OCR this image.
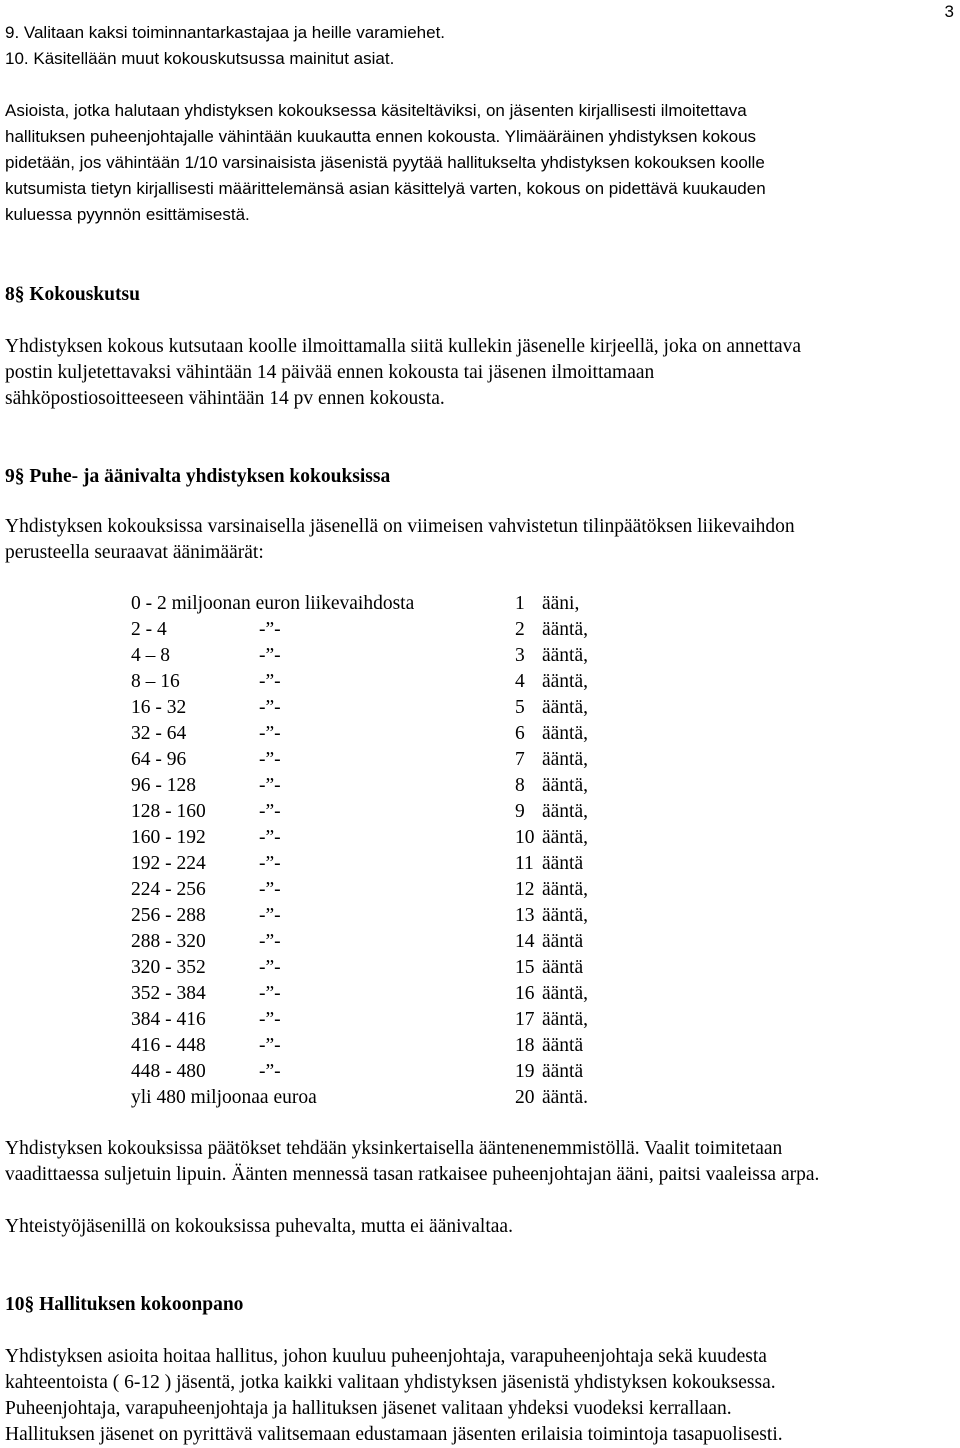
3
9. Valitaan kaksi toiminnantarkastajaa ja heille varamiehet.
10. Käsitellään muut kokouskutsussa mainitut asiat.
Asioista, jotka halutaan yhdistyksen kokouksessa käsiteltäviksi, on jäsenten kirjallisesti ilmoitettava
hallituksen puheenjohtajalle vähintään kuukautta ennen kokousta. Ylimääräinen yhdistyksen kokous
pidetään, jos vähintään 1/10 varsinaisista jäsenistä pyytää hallitukselta yhdistyksen kokouksen koolle
kutsumista tietyn kirjallisesti määrittelemänsä asian käsittelyä varten, kokous on pidettävä kuukauden
kuluessa pyynnön esittämisestä.
8§ Kokouskutsu
Yhdistyksen kokous kutsutaan koolle ilmoittamalla siitä kullekin jäsenelle kirjeellä, joka on annettava
postin kuljetettavaksi vähintään 14 päivää ennen kokousta tai jäsenen ilmoittamaan
sähköpostiosoitteeseen vähintään 14 pv ennen kokousta.
9§ Puhe- ja äänivalta yhdistyksen kokouksissa
Yhdistyksen kokouksissa varsinaisella jäsenellä on viimeisen vahvistetun tilinpäätöksen liikevaihdon
perusteella seuraavat äänimäärät:
0 - 2 miljoonan euron liikevaihdosta	1 ääni,
2 - 4	-”-	2 ääntä,
4 – 8	-”-	3 ääntä,
8 – 16	-”-	4 ääntä,
16 - 32	-”-	5 ääntä,
32 - 64	-”-	6 ääntä,
64 - 96	-”-	7 ääntä,
96 - 128	-”-	8 ääntä,
128 - 160	-”-	9 ääntä,
160 - 192	-”-	10 ääntä,
192 - 224	-”-	11 ääntä
224 - 256	-”-	12 ääntä,
256 - 288	-”-	13 ääntä,
288 - 320	-”-	14 ääntä
320 - 352	-”-	15 ääntä
352 - 384	-”-	16 ääntä,
384 - 416	-”-	17 ääntä,
416 - 448	-”-	18 ääntä
448 - 480	-”-	19 ääntä
yli 480 miljoonaa euroa	20 ääntä.
Yhdistyksen kokouksissa päätökset tehdään yksinkertaisella ääntenenemmistöllä. Vaalit toimitetaan
vaadittaessa suljetuin lipuin. Äänten mennessä tasan ratkaisee puheenjohtajan ääni, paitsi vaaleissa arpa.
Yhteistyöjäsenillä on kokouksissa puhevalta, mutta ei äänivaltaa.
10§ Hallituksen kokoonpano
Yhdistyksen asioita hoitaa hallitus, johon kuuluu puheenjohtaja, varapuheenjohtaja sekä kuudesta
kahteentoista ( 6-12 ) jäsentä, jotka kaikki valitaan yhdistyksen jäsenistä yhdistyksen kokouksessa.
Puheenjohtaja, varapuheenjohtaja ja hallituksen jäsenet valitaan yhdeksi vuodeksi kerrallaan.
Hallituksen jäsenet on pyrittävä valitsemaan edustamaan jäsenten erilaisia toimintoja tasapuolisesti.
